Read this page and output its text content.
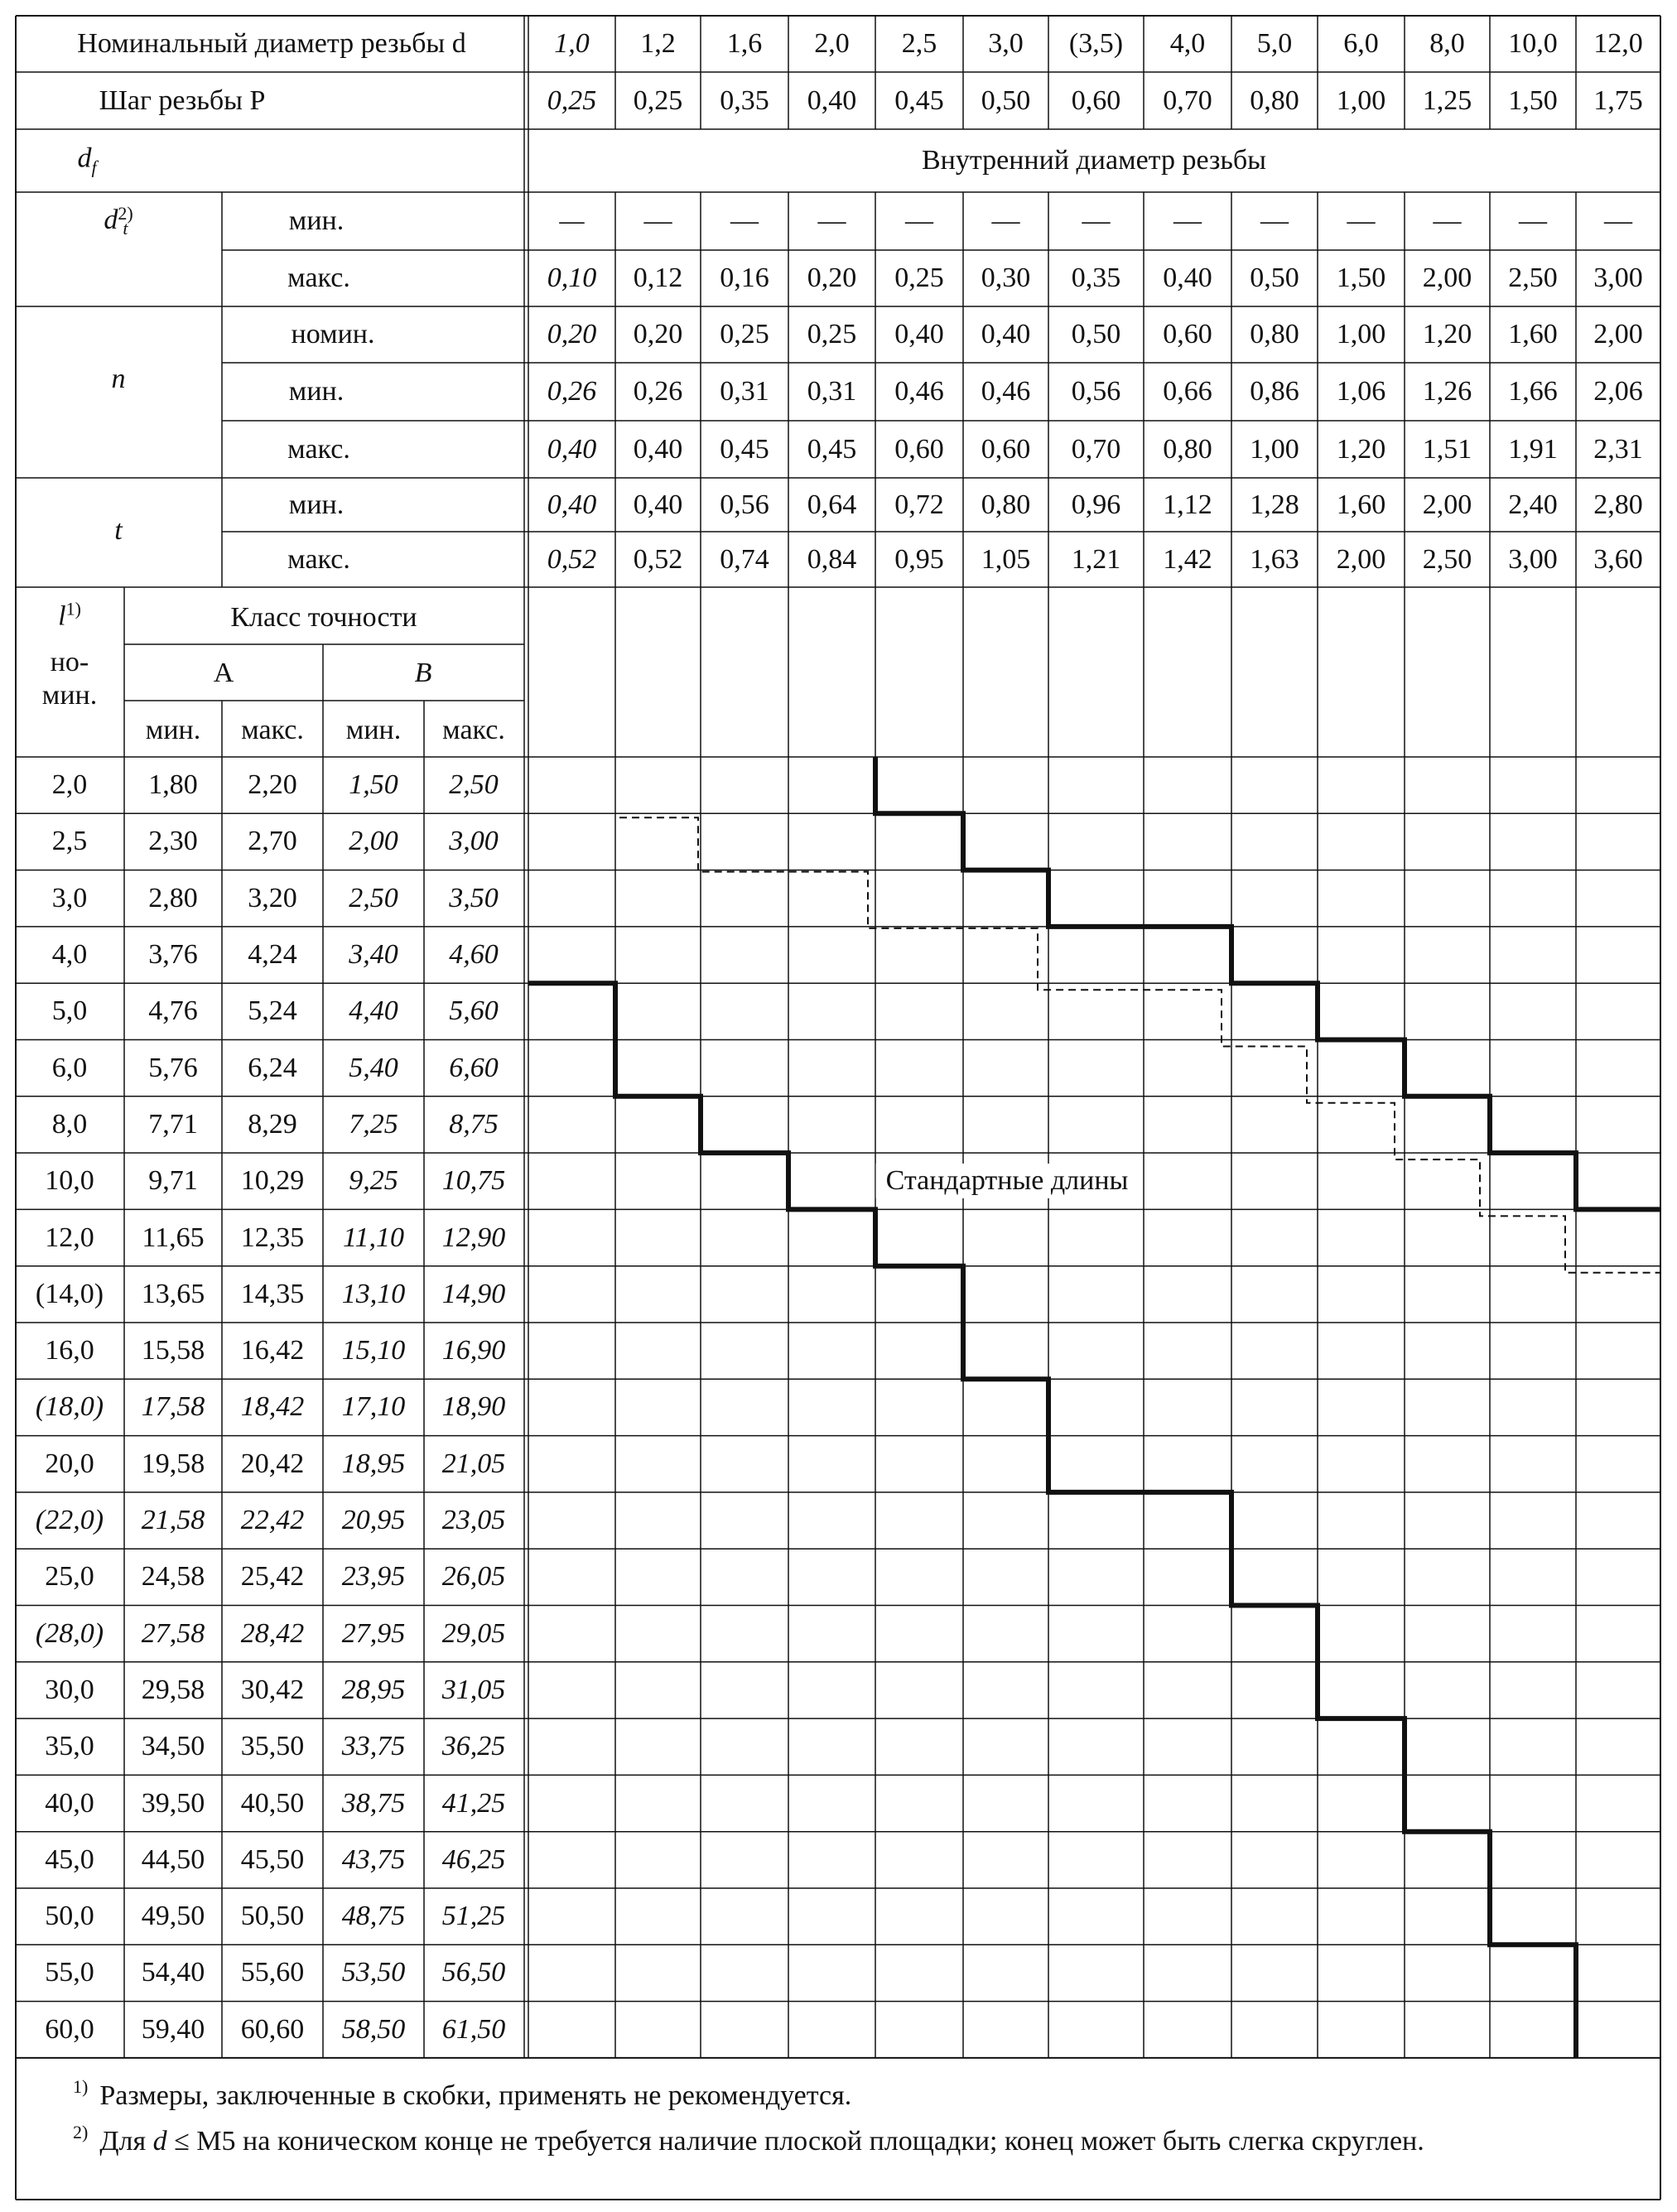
Номинальный диаметр резьбы d
Шаг резьбы P
$d_f$	Внутренний диаметр резьбы
d 2)
t
n
t
мин.
макс.
номин.
мин.
макс.
мин.
макс.
1,0 1,2 1,6 2,0 2,5 3,0 (3,5) 4,0 5,0 6,0 8,0 10,0 12,0
0,25 0,25 0,35 0,40 0,45 0,50 0,60 0,70 0,80 1,00 1,25 1,50 1,75
— — — — — — — — — — — — —
0,10 0,12 0,16 0,20 0,25 0,30 0,35 0,40 0,50 1,50 2,00 2,50 3,00
0,20 0,20 0,25 0,25 0,40 0,40 0,50 0,60 0,80 1,00 1,20 1,60 2,00
0,26 0,26 0,31 0,31 0,46 0,46 0,56 0,66 0,86 1,06 1,26 1,66 2,06
0,40 0,40 0,45 0,45 0,60 0,60 0,70 0,80 1,00 1,20 1,51 1,91 2,31
0,40 0,40 0,56 0,64 0,72 0,80 0,96 1,12 1,28 1,60 2,00 2,40 2,80
0,52 0,52 0,74 0,84 0,95 1,05 1,21 1,42 1,63 2,00 2,50 3,00 3,60
$l^{1)}$
но-
мин.
Класс точности
А	B
мин. макс. мин. макс.
2,0 1,80 2,20 1,50 2,50
2,5 2,30 2,70 2,00 3,00
3,0 2,80 3,20 2,50 3,50
4,0 3,76 4,24 3,40 4,60
5,0 4,76 5,24 4,40 5,60
6,0 5,76 6,24 5,40 6,60
8,0 7,71 8,29 7,25 8,75
10,0 9,71 10,29 9,25 10,75
12,0 11,65 12,35 11,10 12,90
(14,0) 13,65 14,35 13,10 14,90
16,0 15,58 16,42 15,10 16,90
(18,0) 17,58 18,42 17,10 18,90
20,0 19,58 20,42 18,95 21,05
(22,0) 21,58 22,42 20,95 23,05
25,0 24,58 25,42 23,95 26,05
(28,0) 27,58 28,42 27,95 29,05
30,0 29,58 30,42 28,95 31,05
35,0 34,50 35,50 33,75 36,25
40,0 39,50 40,50 38,75 41,25
45,0 44,50 45,50 43,75 46,25
50,0 49,50 50,50 48,75 51,25
55,0 54,40 55,60 53,50 56,50
60,0 59,40 60,60 58,50 61,50
Стандартные длины

$^{1)}$ Размеры, заключенные в скобки, применять не рекомендуется.

$^{2)}$ Для d ≤ М5 на коническом конце не требуется наличие плоской площадки; конец может быть слегка скруглен.
